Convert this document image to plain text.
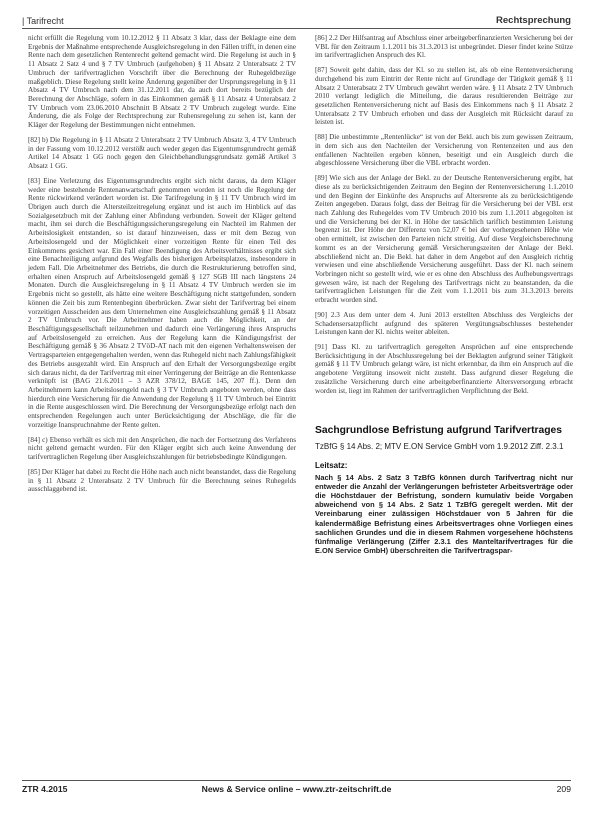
| Tarifrecht	Rechtsprechung

nicht erfüllt die Regelung vom 10.12.2012 § 11 Absatz 3 klar, dass der Beklagte eine dem Ergebnis der Maßnahme entsprechende Ausgleichsregelung in den Fällen trifft, in denen eine Rente nach dem gesetzlichen Rentenrecht geltend gemacht wird. Die Regelung ist auch in § 11 Absatz 2 Satz 4 und § 7 TV Umbruch (aufgehoben) § 11 Absatz 2 Unterabsatz 2 TV Umbruch der tarifvertraglichen Vorschrift über die Berechnung der Ruhegeldbezüge maßgeblich. Diese Regelung stellt keine Änderung gegenüber der Ursprungsregelung in § 11 Absatz 4 TV Umbruch nach dem 31.12.2011 dar, da auch dort bereits bezüglich der Berechnung der Abschläge, sofern in das Einkommen gemäß § 11 Absatz 4 Unterabsatz 2 TV Umbruch vom 23.06.2010 Abschnitt B Absatz 2 TV Umbruch zugelegt wurde. Eine Änderung, die als Folge der Rechtsprechung zur Ruhensregelung zu sehen ist, kann der Kläger der Regelung der Bestimmungen nicht entnehmen.

[82] b) Die Regelung in § 11 Absatz 2 Unterabsatz 2 TV Umbruch Absatz 3, 4 TV Umbruch in der Fassung vom 10.12.2012 verstößt auch weder gegen das Eigentumsgrundrecht gemäß Artikel 14 Absatz 1 GG noch gegen den Gleichbehandlungsgrundsatz gemäß Artikel 3 Absatz 1 GG.

[83] Eine Verletzung des Eigentumsgrundrechts ergibt sich nicht daraus, da dem Kläger weder eine bestehende Rentenanwartschaft genommen worden ist noch die Regelung der Rente rückwirkend verändert worden ist. Die Tarifregelung in § 11 TV Umbruch wird im Übrigen auch durch die Altersteilzeitregelung ergänzt und ist auch im Hinblick auf das Sozialgesetzbuch mit der Zahlung einer Abfindung verbunden. Soweit der Kläger geltend macht, ihm sei durch die Beschäftigungssicherungsregelung ein Nachteil im Rahmen der Arbeitslosigkeit entstanden, so ist darauf hinzuweisen, dass er mit dem Bezug von Arbeitslosengeld und der Möglichkeit einer vorzeitigen Rente für einen Teil des Einkommens gesichert war. Ein Fall einer Beendigung des Arbeitsverhältnisses ergibt sich eine Benachteiligung aufgrund des Wegfalls des bisherigen Arbeitsplatzes, insbesondere in jedem Fall. Die Arbeitnehmer des Betriebs, die durch die Restrukturierung betroffen sind, erhalten einen Anspruch auf Arbeitslosengeld gemäß § 127 SGB III nach längstens 24 Monaten. Durch die Ausgleichsregelung in § 11 Absatz 4 TV Umbruch werden sie im Ergebnis nicht so gestellt, als hätte eine weitere Beschäftigung nicht stattgefunden, sondern können die Zeit bis zum Rentenbeginn überbrücken. Zwar sieht der Tarifvertrag bei einem vorzeitigen Ausscheiden aus dem Unternehmen eine Ausgleichszahlung gemäß § 11 Absatz 2 TV Umbruch vor. Die Arbeitnehmer haben auch die Möglichkeit, an der Beschäftigungsgesellschaft teilzunehmen und dadurch eine Verlängerung ihres Anspruchs auf Arbeitslosengeld zu erreichen. Aus der Regelung kann die Kündigungsfrist der Beschäftigung gemäß § 36 Absatz 2 TVöD-AT nach mit den eigenen Verhaltensweisen der Vertragsparteien entgegengehalten werden, wenn das Ruhegeld nicht nach Zahlungsfähigkeit des Betriebs ausgezahlt wird. Ein Anspruch auf den Erhalt der Versorgungsbezüge ergibt sich daraus nicht, da der Tarifvertrag mit einer Verringerung der Beiträge an die Rentenkasse verknüpft ist (BAG 21.6.2011 – 3 AZR 378/12, BAGE 145, 207 ff.). Denn den Arbeitnehmern kann Arbeitslosengeld nach § 3 TV Umbruch angeboten werden, ohne dass hierdurch eine Versicherung für die Anwendung der Regelung § 11 TV Umbruch bei Eintritt in die Rente ausgeschlossen wird. Die Berechnung der Versorgungsbezüge erfolgt nach den entsprechenden Regelungen auch unter Berücksichtigung der Abschläge, die für die vorzeitige Inanspruchnahme der Rente gelten.

[84] c) Ebenso verhält es sich mit den Ansprüchen, die nach der Fortsetzung des Verfahrens nicht geltend gemacht wurden. Für den Kläger ergibt sich auch keine Anwendung der tarifvertraglichen Regelung über Ausgleichszahlungen für betriebsbedingte Kündigungen.

[85] Der Kläger hat dabei zu Recht die Höhe nach auch nicht beanstandet, dass die Regelung in § 11 Absatz 2 Unterabsatz 2 TV Umbruch für die Berechnung seines Ruhegelds ausschlaggebend ist.

[86] 2.2 Der Hilfsantrag auf Abschluss einer arbeitgeberfinanzierten Versicherung bei der VBL für den Zeitraum 1.1.2011 bis 31.3.2013 ist unbegründet. Dieser findet keine Stütze im tarifvertraglichen Anspruch des Kl.

[87] Soweit geht dahin, dass der Kl. so zu stellen ist, als ob eine Rentenversicherung durchgehend bis zum Eintritt der Rente nicht auf Grundlage der Tätigkeit gemäß § 11 Absatz 2 Unterabsatz 2 TV Umbruch gewährt werden wäre. § 11 Absatz 2 TV Umbruch 2010 verlangt lediglich die Mitteilung, die daraus resultierenden Beiträge zur gesetzlichen Rentenversicherung nicht auf Basis des Einkommens nach § 11 Absatz 2 Unterabsatz 2 TV Umbruch erhoben und dass der Ausgleich mit Rücksicht darauf zu leisten ist.

[88] Die unbestimmte „Rentenlücke“ ist von der Bekl. auch bis zum gewissen Zeitraum, in dem sich aus den Nachteilen der Versicherung von Rentenzeiten und aus den entfallenen Nachteilen ergeben können, beseitigt und ein Ausgleich durch die abgeschlossene Versicherung über die VBL erbracht worden.

[89] Wie sich aus der Anlage der Bekl. zu der Deutsche Rentenversicherung ergibt, hat diese als zu berücksichtigenden Zeitraum den Beginn der Rentenversicherung 1.1.2010 und den Beginn der Einkünfte des Anspruchs auf Altersrente als zu berücksichtigende Zeiten angegeben. Daraus folgt, dass der Beitrag für die Versicherung bei der VBL erst nach Zahlung des Ruhegeldes vom TV Umbruch 2010 bis zum 1.1.2011 abgegolten ist und die Versicherung bei der Kl. in Höhe der tatsächlich tariflich bestimmten Leistung begrenzt ist. Der Höhe der Differenz von 52,07 € bei der vorhergesehenen Höhe wie oben ermittelt, ist zwischen den Parteien nicht streitig. Auf diese Vergleichsberechnung kommt es an der Versicherung gemäß Versicherungszeiten der Anlage der Bekl. abschließend nicht an. Die Bekl. hat daher in dem Angebot auf den Ausgleich richtig verwiesen und eine abschließende Versicherung ausgeführt. Dass der Kl. nach seinem Vorbringen nicht so gestellt wird, wie er es ohne den Abschluss des Aufhebungsvertrags gewesen wäre, ist nach der Regelung des Tarifvertrags nicht zu beanstanden, da die tarifvertraglichen Leistungen für die Zeit vom 1.1.2011 bis zum 31.3.2013 bereits erbracht worden sind.

[90] 2.3 Aus dem unter dem 4. Juni 2013 erstellten Abschluss des Vergleichs der Schadensersatzpflicht aufgrund des späteren Vergütungsabschlusses bestehender Leistungen kann der Kl. nichts weiter ableiten.

[91] Dass Kl. zu tarifvertraglich geregelten Ansprüchen auf eine entsprechende Berücksichtigung in der Abschlussregelung bei der Beklagten aufgrund seiner Tätigkeit gemäß § 11 TV Umbruch gelangt wäre, ist nicht erkennbar, da ihm ein Anspruch auf die angebotene Vergütung insoweit nicht zusteht. Dass aufgrund dieser Regelung die zusätzliche Versicherung durch eine arbeitgeberfinanzierte Altersversorgung erbracht worden ist, liegt im Rahmen der tarifvertraglichen Verpflichtung der Bekl.

Sachgrundlose Befristung aufgrund Tarifvertrages
TzBfG § 14 Abs. 2; MTV E.ON Service GmbH vom 1.9.2012 Ziff. 2.3.1
Leitsatz:

Nach § 14 Abs. 2 Satz 3 TzBfG können durch Tarifvertrag nicht nur entweder die Anzahl der Verlängerungen befristeter Arbeitsverträge oder die Höchstdauer der Befristung, sondern kumulativ beide Vorgaben abweichend von § 14 Abs. 2 Satz 1 TzBfG geregelt werden. Mit der Vereinbarung einer zulässigen Höchstdauer von 5 Jahren für die kalendermäßige Befristung eines Arbeitsvertrages ohne Vorliegen eines sachlichen Grundes und die in diesem Rahmen vorgesehene höchstens fünfmalige Verlängerung (Ziffer 2.3.1 des Manteltarifvertrages für die E.ON Service GmbH) überschreiten die Tarifvertragspar-

ZTR 4.2015	News & Service online – www.ztr-zeitschrift.de	209
